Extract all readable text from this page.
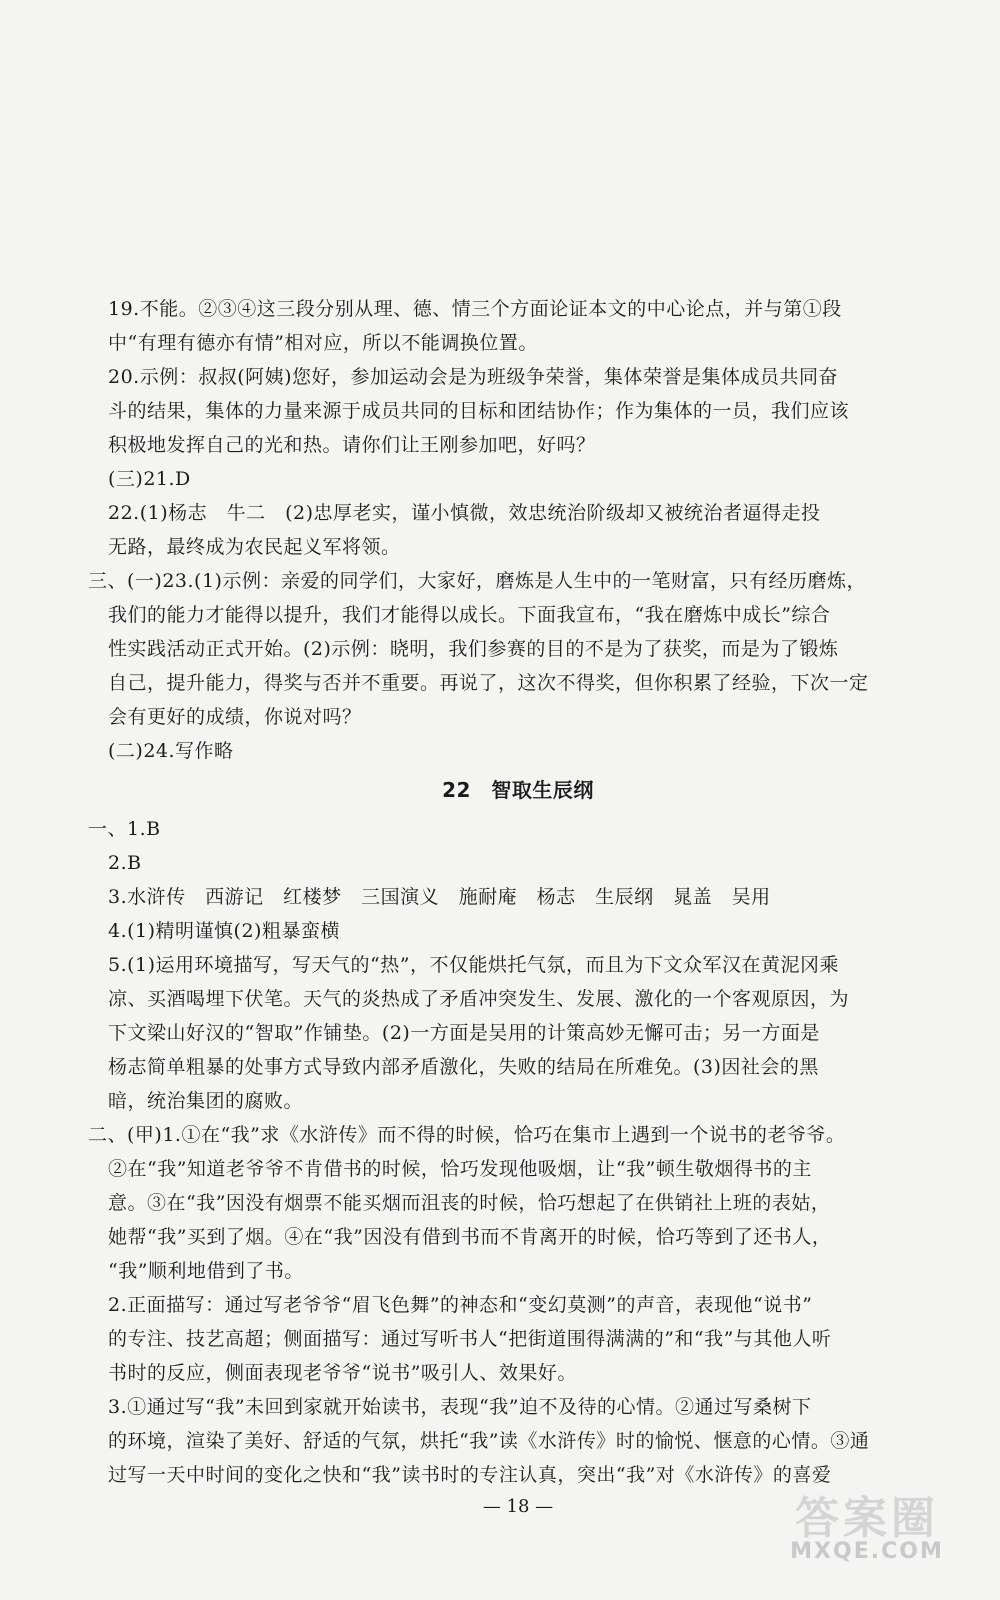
19.不能。②③④这三段分别从理、德、情三个方面论证本文的中心论点，并与第①段
中“有理有德亦有情”相对应，所以不能调换位置。
20.示例：叔叔(阿姨)您好，参加运动会是为班级争荣誉，集体荣誉是集体成员共同奋
斗的结果，集体的力量来源于成员共同的目标和团结协作；作为集体的一员，我们应该
积极地发挥自己的光和热。请你们让王刚参加吧，好吗？
(三)21.D
22.(1)杨志　牛二　(2)忠厚老实，谨小慎微，效忠统治阶级却又被统治者逼得走投
无路，最终成为农民起义军将领。
三、(一)23.(1)示例：亲爱的同学们，大家好，磨炼是人生中的一笔财富，只有经历磨炼，
我们的能力才能得以提升，我们才能得以成长。下面我宣布，“我在磨炼中成长”综合
性实践活动正式开始。(2)示例：晓明，我们参赛的目的不是为了获奖，而是为了锻炼
自己，提升能力，得奖与否并不重要。再说了，这次不得奖，但你积累了经验，下次一定
会有更好的成绩，你说对吗？
(二)24.写作略
22　智取生辰纲
一、1.B
2.B
3.水浒传　西游记　红楼梦　三国演义　施耐庵　杨志　生辰纲　晁盖　吴用
4.(1)精明谨慎(2)粗暴蛮横
5.(1)运用环境描写，写天气的“热”，不仅能烘托气氛，而且为下文众军汉在黄泥冈乘
凉、买酒喝埋下伏笔。天气的炎热成了矛盾冲突发生、发展、激化的一个客观原因，为
下文梁山好汉的“智取”作铺垫。(2)一方面是吴用的计策高妙无懈可击；另一方面是
杨志简单粗暴的处事方式导致内部矛盾激化，失败的结局在所难免。(3)因社会的黑
暗，统治集团的腐败。
二、(甲)1.①在“我”求《水浒传》而不得的时候，恰巧在集市上遇到一个说书的老爷爷。
②在“我”知道老爷爷不肯借书的时候，恰巧发现他吸烟，让“我”顿生敬烟得书的主
意。③在“我”因没有烟票不能买烟而沮丧的时候，恰巧想起了在供销社上班的表姑，
她帮“我”买到了烟。④在“我”因没有借到书而不肯离开的时候，恰巧等到了还书人，
“我”顺利地借到了书。
2.正面描写：通过写老爷爷“眉飞色舞”的神态和“变幻莫测”的声音，表现他“说书”
的专注、技艺高超；侧面描写：通过写听书人“把街道围得满满的”和“我”与其他人听
书时的反应，侧面表现老爷爷“说书”吸引人、效果好。
3.①通过写“我”未回到家就开始读书，表现“我”迫不及待的心情。②通过写桑树下
的环境，渲染了美好、舒适的气氛，烘托“我”读《水浒传》时的愉悦、惬意的心情。③通
过写一天中时间的变化之快和“我”读书时的专注认真，突出“我”对《水浒传》的喜爱
— 18 —	答案圈
MXQE.COM
